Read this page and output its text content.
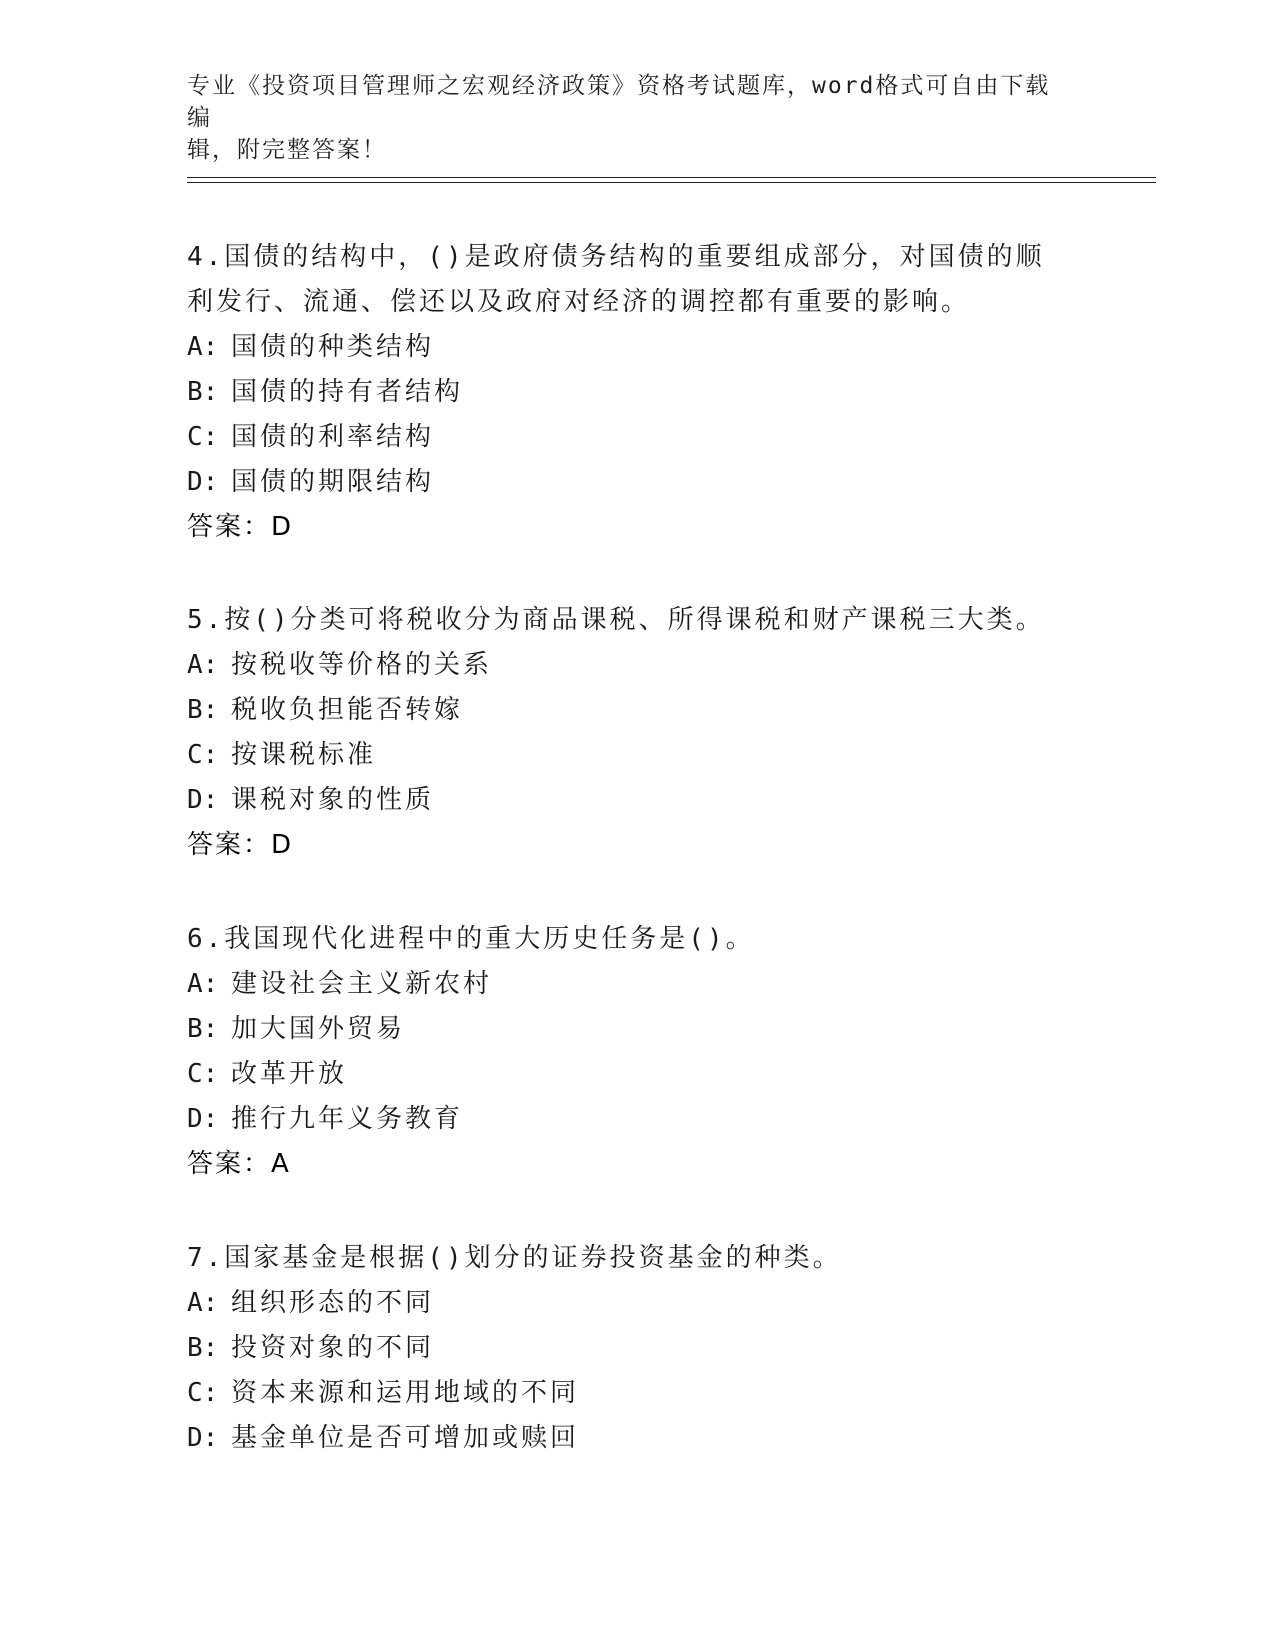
专业《投资项目管理师之宏观经济政策》资格考试题库，word格式可自由下载编
辑，附完整答案！

4.国债的结构中，()是政府债务结构的重要组成部分，对国债的顺利发行、流通、偿还以及政府对经济的调控都有重要的影响。

A: 国债的种类结构

B: 国债的持有者结构

C: 国债的利率结构

D: 国债的期限结构

答案：D

5.按()分类可将税收分为商品课税、所得课税和财产课税三大类。

A: 按税收等价格的关系

B: 税收负担能否转嫁

C: 按课税标准

D: 课税对象的性质

答案：D

6.我国现代化进程中的重大历史任务是()。

A: 建设社会主义新农村

B: 加大国外贸易

C: 改革开放

D: 推行九年义务教育

答案：A

7.国家基金是根据()划分的证券投资基金的种类。

A: 组织形态的不同

B: 投资对象的不同

C: 资本来源和运用地域的不同

D: 基金单位是否可增加或赎回
